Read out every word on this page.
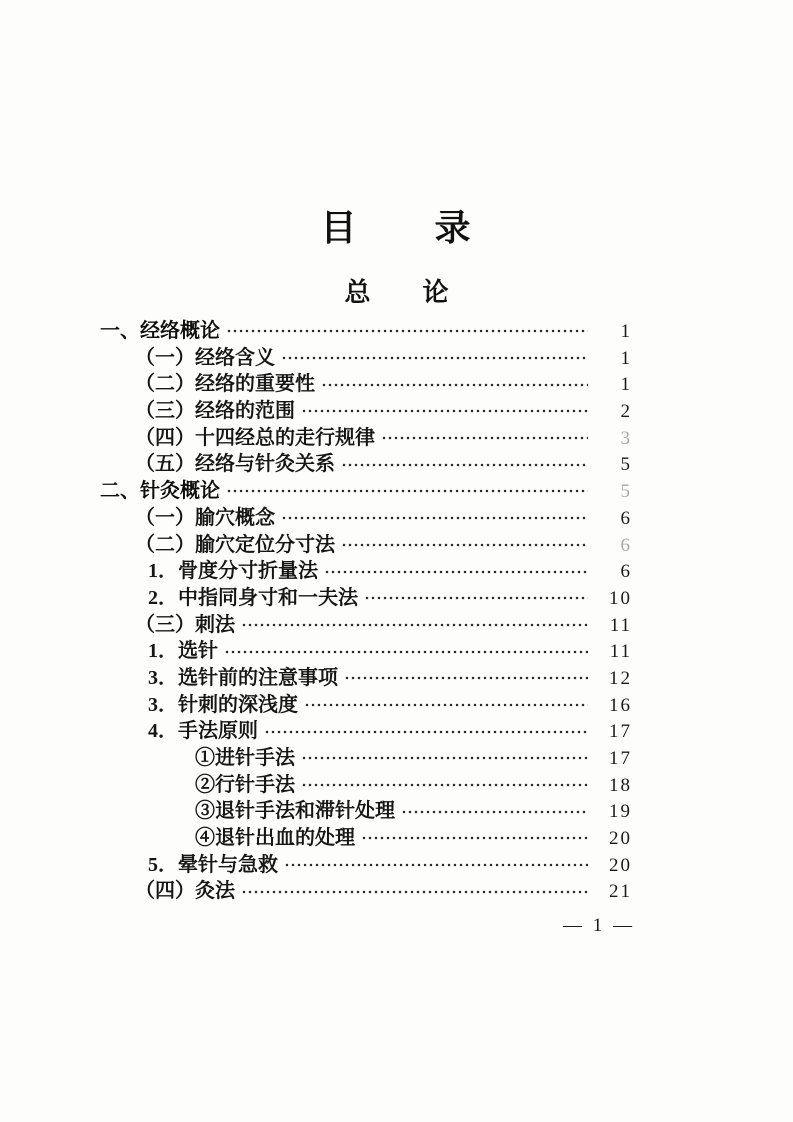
目　　录
总　　论
一、经络概论	1
（一）经络含义	1
（二）经络的重要性	1
（三）经络的范围	2
（四）十四经总的走行规律	3
（五）经络与针灸关系	5
二、针灸概论	5
（一）腧穴概念	6
（二）腧穴定位分寸法	6
1．骨度分寸折量法	6
2．中指同身寸和一夫法	10
（三）刺法	11
1．选针	11
3．选针前的注意事项	12
3．针刺的深浅度	16
4．手法原则	17
①进针手法	17
②行针手法	18
③退针手法和滞针处理	19
④退针出血的处理	20
5．晕针与急救	20
（四）灸法	21
— 1 —
